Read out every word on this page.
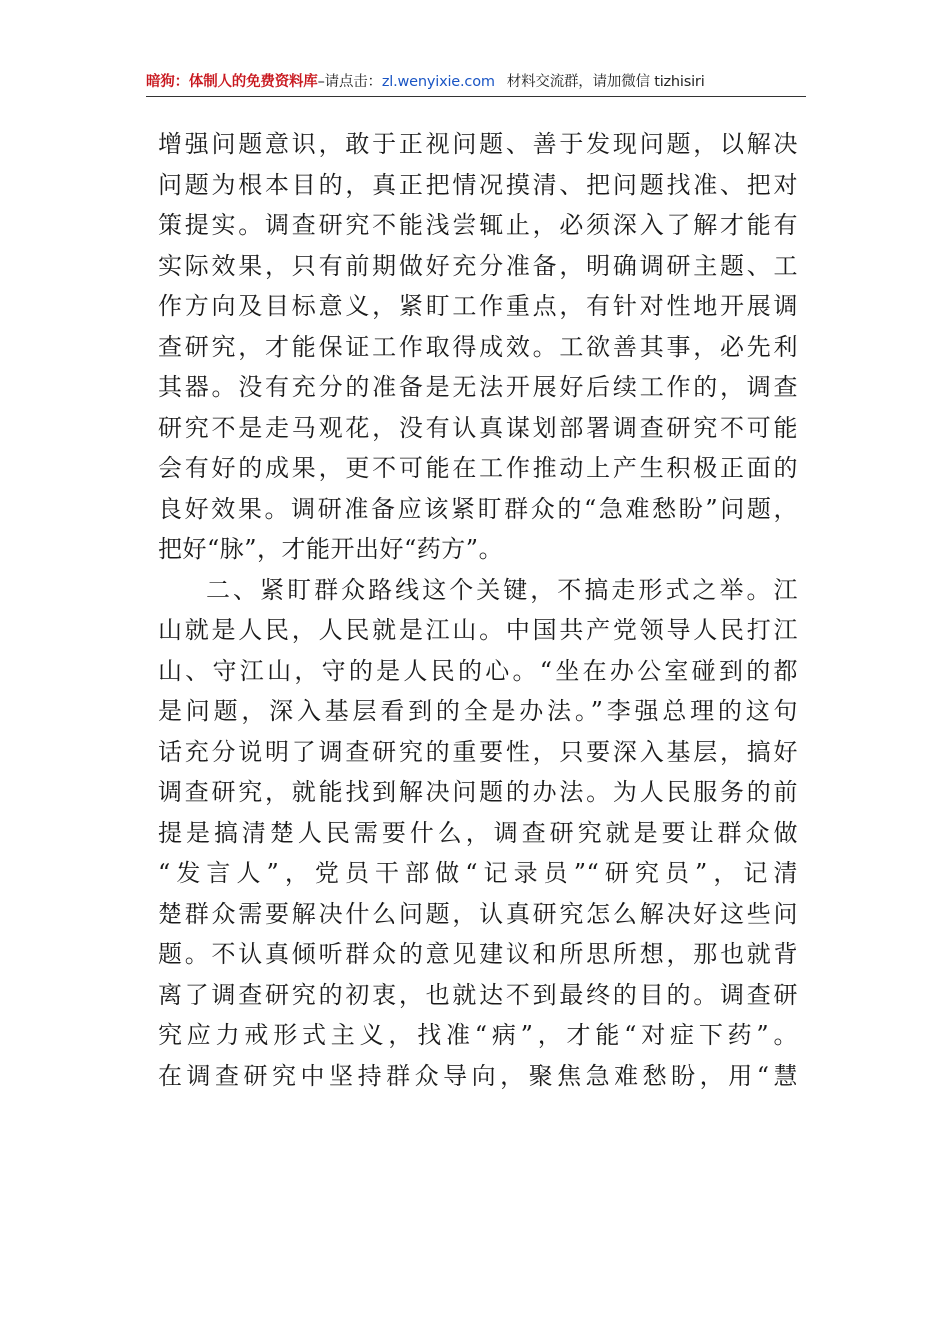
暗狗：体制人的免费资料库–请点击：zl.wenyixie.com 材料交流群，请加微信 tizhisiri
增强问题意识，敢于正视问题、善于发现问题，以解决
问题为根本目的，真正把情况摸清、把问题找准、把对
策提实。调查研究不能浅尝辄止，必须深入了解才能有
实际效果，只有前期做好充分准备，明确调研主题、工
作方向及目标意义，紧盯工作重点，有针对性地开展调
查研究，才能保证工作取得成效。工欲善其事，必先利
其器。没有充分的准备是无法开展好后续工作的，调查
研究不是走马观花，没有认真谋划部署调查研究不可能
会有好的成果，更不可能在工作推动上产生积极正面的
良好效果。调研准备应该紧盯群众的“急难愁盼”问题，
把好“脉”，才能开出好“药方”。
二、紧盯群众路线这个关键，不搞走形式之举。江
山就是人民，人民就是江山。中国共产党领导人民打江
山、守江山，守的是人民的心。“坐在办公室碰到的都
是问题，深入基层看到的全是办法。”李强总理的这句
话充分说明了调查研究的重要性，只要深入基层，搞好
调查研究，就能找到解决问题的办法。为人民服务的前
提是搞清楚人民需要什么，调查研究就是要让群众做
“发言人”，党员干部做“记录员”“研究员”，记清
楚群众需要解决什么问题，认真研究怎么解决好这些问
题。不认真倾听群众的意见建议和所思所想，那也就背
离了调查研究的初衷，也就达不到最终的目的。调查研
究应力戒形式主义，找准“病”，才能“对症下药”。
在调查研究中坚持群众导向，聚焦急难愁盼，用“慧
